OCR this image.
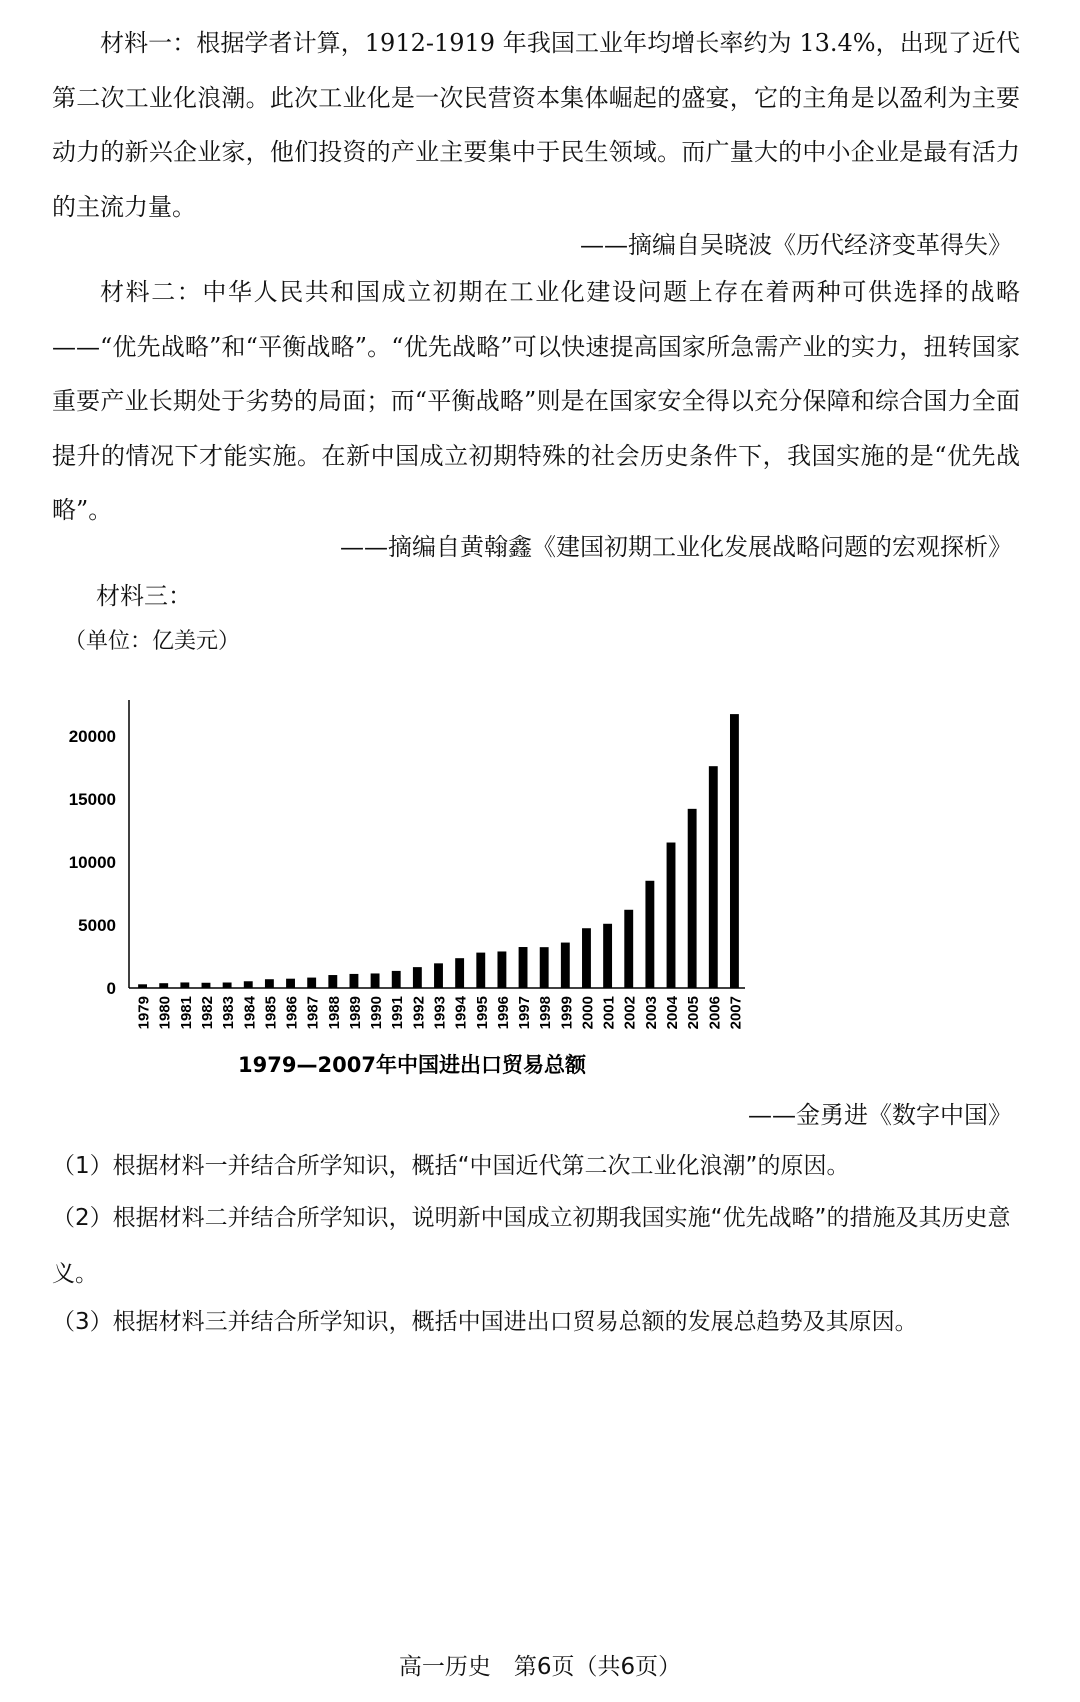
材料一：根据学者计算，1912-1919 年我国工业年均增长率约为 13.4%，出现了近代第二次工业化浪潮。此次工业化是一次民营资本集体崛起的盛宴，它的主角是以盈利为主要动力的新兴企业家，他们投资的产业主要集中于民生领域。而广量大的中小企业是最有活力的主流力量。

——摘编自吴晓波《历代经济变革得失》

材料二：中华人民共和国成立初期在工业化建设问题上存在着两种可供选择的战略——“优先战略”和“平衡战略”。“优先战略”可以快速提高国家所急需产业的实力，扭转国家重要产业长期处于劣势的局面；而“平衡战略”则是在国家安全得以充分保障和综合国力全面提升的情况下才能实施。在新中国成立初期特殊的社会历史条件下，我国实施的是“优先战略”。

——摘编自黄翰鑫《建国初期工业化发展战略问题的宏观探析》
材料三：
（单位：亿美元）
0
5000
10000
15000
20000
1979 1980 1981 1982 1983 1984 1985 1986 1987 1988 1989 1990 1991 1992 1993 1994 1995 1996 1997 1998 1999 2000 2001 2002 2003 2004 2005 2006 2007
1979—2007年中国进出口贸易总额
——金勇进《数字中国》
（1）根据材料一并结合所学知识，概括“中国近代第二次工业化浪潮”的原因。
（2）根据材料二并结合所学知识，说明新中国成立初期我国实施“优先战略”的措施及其历史意义。
（3）根据材料三并结合所学知识，概括中国进出口贸易总额的发展总趋势及其原因。
高一历史　第6页（共6页）
